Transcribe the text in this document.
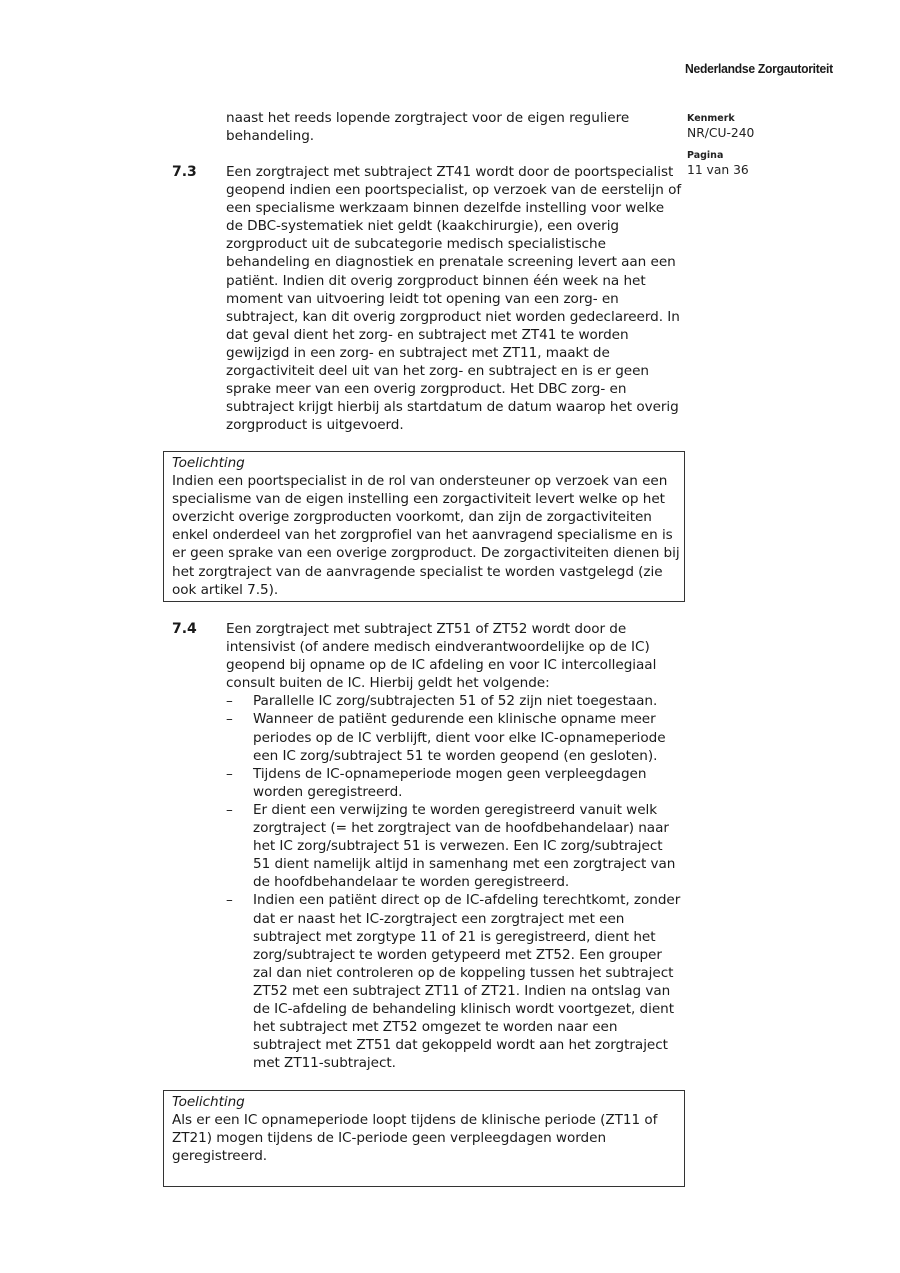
Nederlandse Zorgautoriteit
Kenmerk
NR/CU-240
Pagina
11 van 36

naast het reeds lopende zorgtraject voor de eigen reguliere behandeling.

7.3 Een zorgtraject met subtraject ZT41 wordt door de poortspecialist geopend indien een poortspecialist, op verzoek van de eerstelijn of een specialisme werkzaam binnen dezelfde instelling voor welke de DBC-systematiek niet geldt (kaakchirurgie), een overig zorgproduct uit de subcategorie medisch specialistische behandeling en diagnostiek en prenatale screening levert aan een patiënt. Indien dit overig zorgproduct binnen één week na het moment van uitvoering leidt tot opening van een zorg- en subtraject, kan dit overig zorgproduct niet worden gedeclareerd. In dat geval dient het zorg- en subtraject met ZT41 te worden gewijzigd in een zorg- en subtraject met ZT11, maakt de zorgactiviteit deel uit van het zorg- en subtraject en is er geen sprake meer van een overig zorgproduct. Het DBC zorg- en subtraject krijgt hierbij als startdatum de datum waarop het overig zorgproduct is uitgevoerd.

Toelichting

Indien een poortspecialist in de rol van ondersteuner op verzoek van een specialisme van de eigen instelling een zorgactiviteit levert welke op het overzicht overige zorgproducten voorkomt, dan zijn de zorgactiviteiten enkel onderdeel van het zorgprofiel van het aanvragend specialisme en is er geen sprake van een overige zorgproduct. De zorgactiviteiten dienen bij het zorgtraject van de aanvragende specialist te worden vastgelegd (zie ook artikel 7.5).

7.4 Een zorgtraject met subtraject ZT51 of ZT52 wordt door de intensivist (of andere medisch eindverantwoordelijke op de IC) geopend bij opname op de IC afdeling en voor IC intercollegiaal consult buiten de IC. Hierbij geldt het volgende:

– Parallelle IC zorg/subtrajecten 51 of 52 zijn niet toegestaan.
– Wanneer de patiënt gedurende een klinische opname meer periodes op de IC verblijft, dient voor elke IC-opnameperiode een IC zorg/subtraject 51 te worden geopend (en gesloten).
– Tijdens de IC-opnameperiode mogen geen verpleegdagen worden geregistreerd.
– Er dient een verwijzing te worden geregistreerd vanuit welk zorgtraject (= het zorgtraject van de hoofdbehandelaar) naar het IC zorg/subtraject 51 is verwezen. Een IC zorg/subtraject 51 dient namelijk altijd in samenhang met een zorgtraject van de hoofdbehandelaar te worden geregistreerd.
– Indien een patiënt direct op de IC-afdeling terechtkomt, zonder dat er naast het IC-zorgtraject een zorgtraject met een subtraject met zorgtype 11 of 21 is geregistreerd, dient het zorg/subtraject te worden getypeerd met ZT52. Een grouper zal dan niet controleren op de koppeling tussen het subtraject ZT52 met een subtraject ZT11 of ZT21. Indien na ontslag van de IC-afdeling de behandeling klinisch wordt voortgezet, dient het subtraject met ZT52 omgezet te worden naar een subtraject met ZT51 dat gekoppeld wordt aan het zorgtraject met ZT11-subtraject.
Toelichting

Als er een IC opnameperiode loopt tijdens de klinische periode (ZT11 of ZT21) mogen tijdens de IC-periode geen verpleegdagen worden geregistreerd.
